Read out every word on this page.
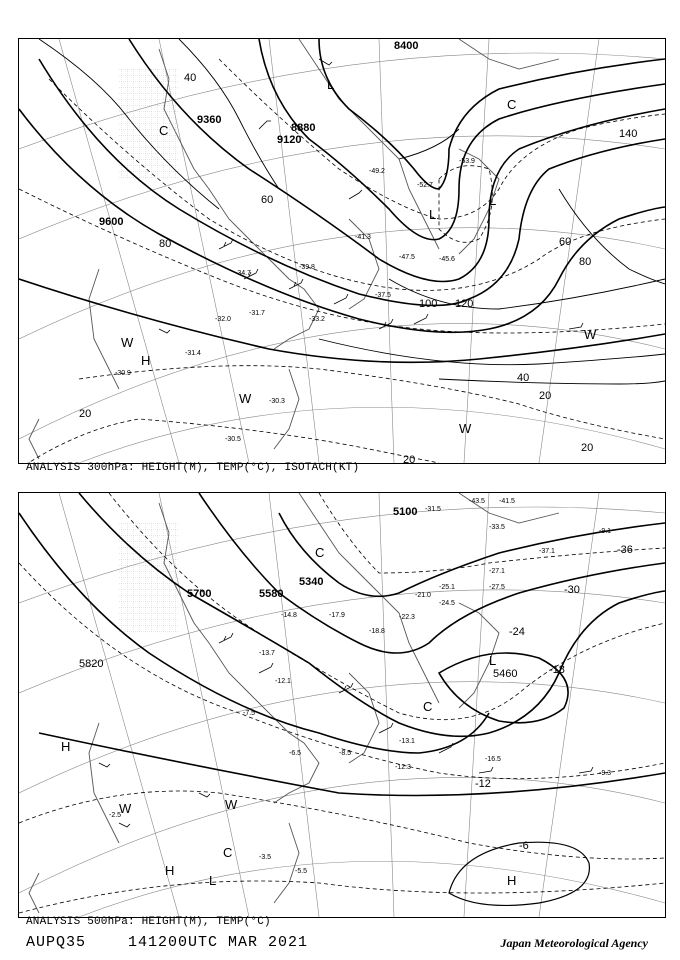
8400
8880
9120
9360
9600
40
60
80
100 120
140
20
40
60
80
20
20
20
-53.9
-52.7
-49.2
-47.5	-45.6
-41.3
-39.8
-37.5
-34.7
-33.2
-31.7
-31.4
-30.9
-30.3
-30.5
-32.0
C
C
L
L
L
W
H
W
W
W
ANALYSIS 300hPa: HEIGHT(M), TEMP(°C), ISOTACH(KT)
5100
5340
5580
5700
5820
5460
-36
-30
-24
-18
-12
-6
-43.5 -41.5
-37.1
-33.5
-31.5
-27.1
-27.5
-25.1
-24.5
-22.3
-21.0
-18.8
-17.9
-14.8
-13.7
-12.1
-9.1
-8.5
-7.5
-6.5
-5.5
-3.5
-2.5
-16.5
-13.1
-12.3
-9.3
C
C
L
H
W	W
H
L
C
H
ANALYSIS 500hPa: HEIGHT(M), TEMP(°C)
AUPQ35	141200UTC MAR 2021	Japan Meteorological Agency
